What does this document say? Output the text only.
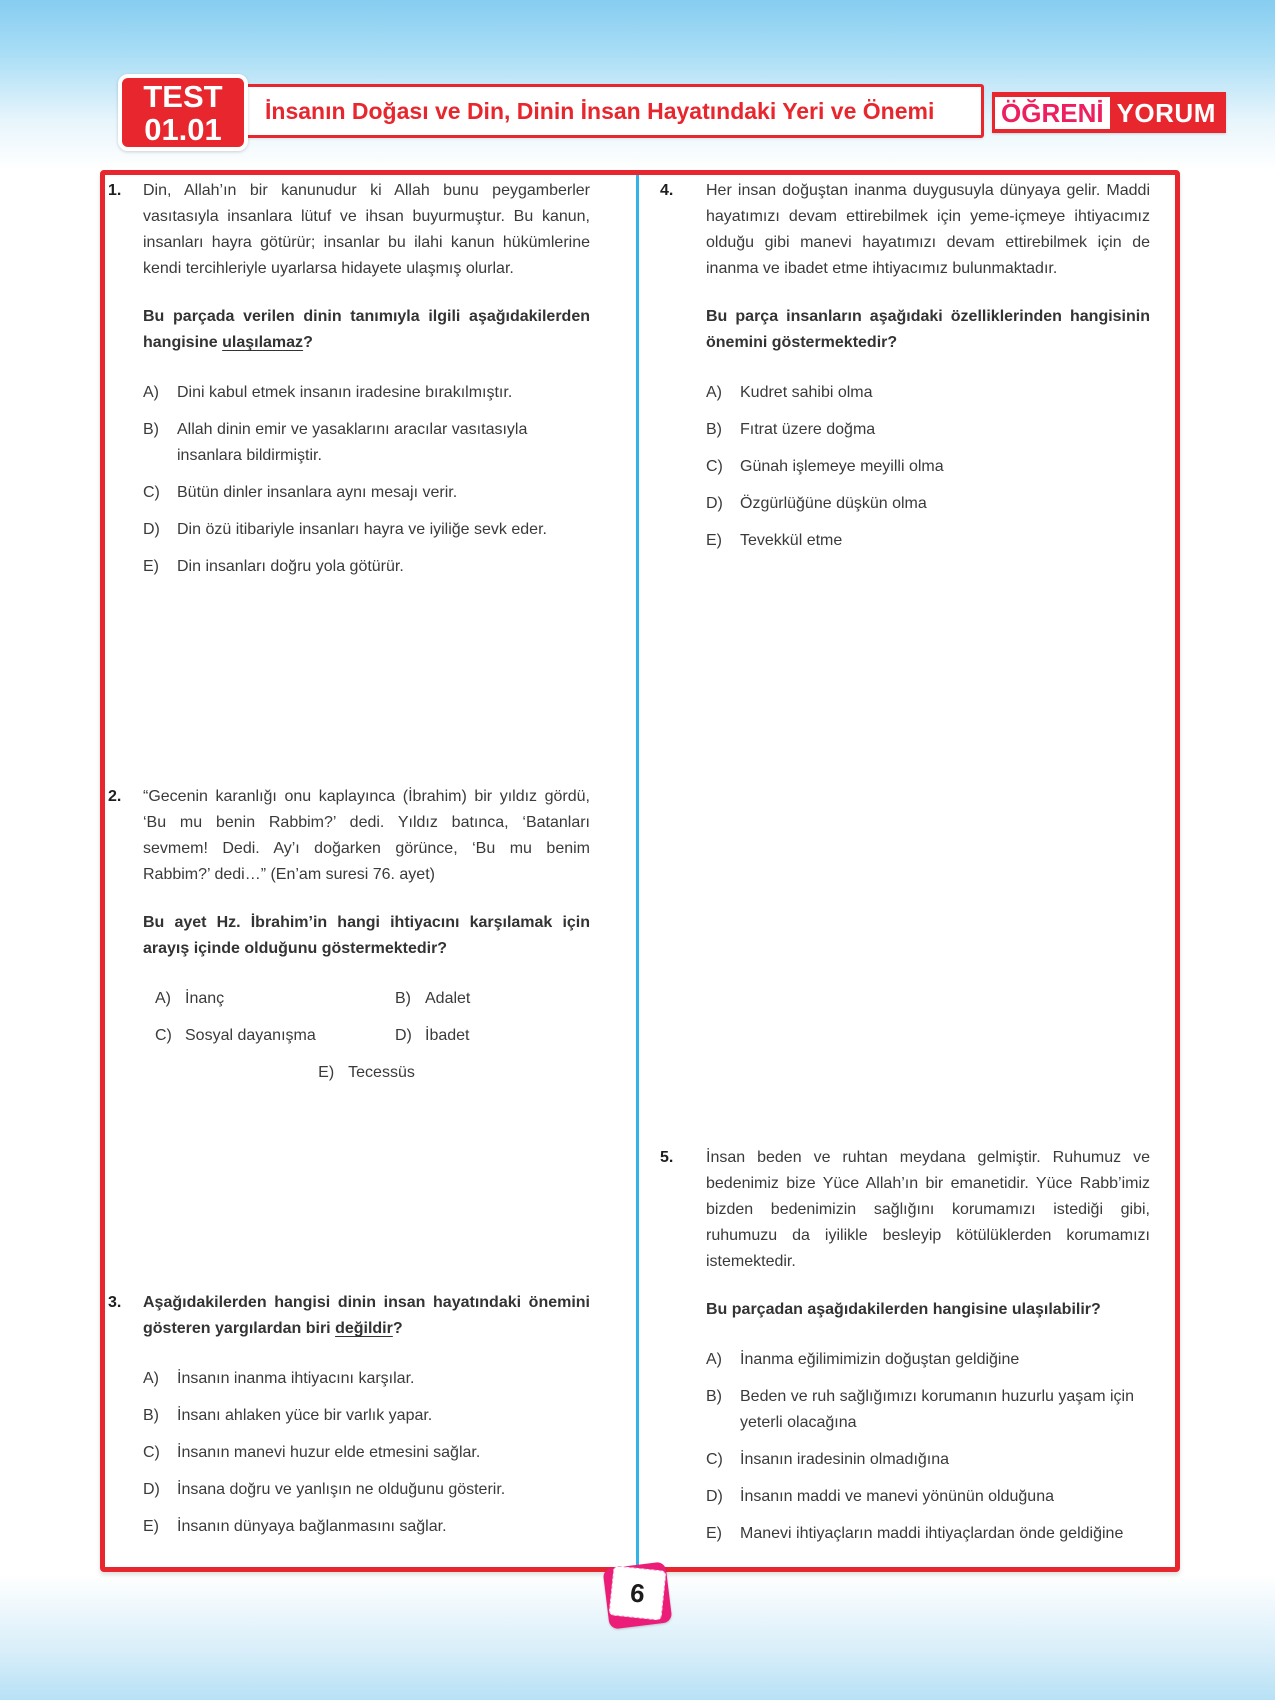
TEST
01.01
İnsanın Doğası ve Din, Dinin İnsan Hayatındaki Yeri ve Önemi	ÖĞRENİ YORUM
1.	Din, Allah’ın bir kanunudur ki Allah bunu peygamberler vasıtasıyla insanlara lütuf ve ihsan buyurmuştur. Bu kanun, insanları hayra götürür; insanlar bu ilahi kanun hükümlerine kendi tercihleriyle uyarlarsa hidayete ulaşmış olurlar.

Bu parçada verilen dinin tanımıyla ilgili aşağıdakilerden hangisine ulaşılamaz?

A)	Dini kabul etmek insanın iradesine bırakılmıştır.
B)	Allah dinin emir ve yasaklarını aracılar vasıtasıyla insanlara bildirmiştir.
C)	Bütün dinler insanlara aynı mesajı verir.
D)	Din özü itibariyle insanları hayra ve iyiliğe sevk eder.
E)	Din insanları doğru yola götürür.
2.	“Gecenin karanlığı onu kaplayınca (İbrahim) bir yıldız gördü, ‘Bu mu benin Rabbim?’ dedi. Yıldız batınca, ‘Batanları sevmem! Dedi. Ay’ı doğarken görünce, ‘Bu mu benim Rabbim?’ dedi…” (En’am suresi 76. ayet)

Bu ayet Hz. İbrahim’in hangi ihtiyacını karşılamak için arayış içinde olduğunu göstermektedir?

A) İnanç	B) Adalet
C) Sosyal dayanışma	D) İbadet
E) Tecessüs
3.	Aşağıdakilerden hangisi dinin insan hayatındaki önemini gösteren yargılardan biri değildir?

A)	İnsanın inanma ihtiyacını karşılar.
B)	İnsanı ahlaken yüce bir varlık yapar.
C)	İnsanın manevi huzur elde etmesini sağlar.
D)	İnsana doğru ve yanlışın ne olduğunu gösterir.
E)	İnsanın dünyaya bağlanmasını sağlar.
4.	Her insan doğuştan inanma duygusuyla dünyaya gelir. Maddi hayatımızı devam ettirebilmek için yeme-içmeye ihtiyacımız olduğu gibi manevi hayatımızı devam ettirebilmek için de inanma ve ibadet etme ihtiyacımız bulunmaktadır.

Bu parça insanların aşağıdaki özelliklerinden hangisinin önemini göstermektedir?

A)	Kudret sahibi olma
B)	Fıtrat üzere doğma
C)	Günah işlemeye meyilli olma
D)	Özgürlüğüne düşkün olma
E)	Tevekkül etme
5.	İnsan beden ve ruhtan meydana gelmiştir. Ruhumuz ve bedenimiz bize Yüce Allah’ın bir emanetidir. Yüce Rabb’imiz bizden bedenimizin sağlığını korumamızı istediği gibi, ruhumuzu da iyilikle besleyip kötülüklerden korumamızı istemektedir.

Bu parçadan aşağıdakilerden hangisine ulaşılabilir?

A)	İnanma eğilimimizin doğuştan geldiğine
B)	Beden ve ruh sağlığımızı korumanın huzurlu yaşam için yeterli olacağına
C)	İnsanın iradesinin olmadığına
D)	İnsanın maddi ve manevi yönünün olduğuna
E)	Manevi ihtiyaçların maddi ihtiyaçlardan önde geldiğine
6
